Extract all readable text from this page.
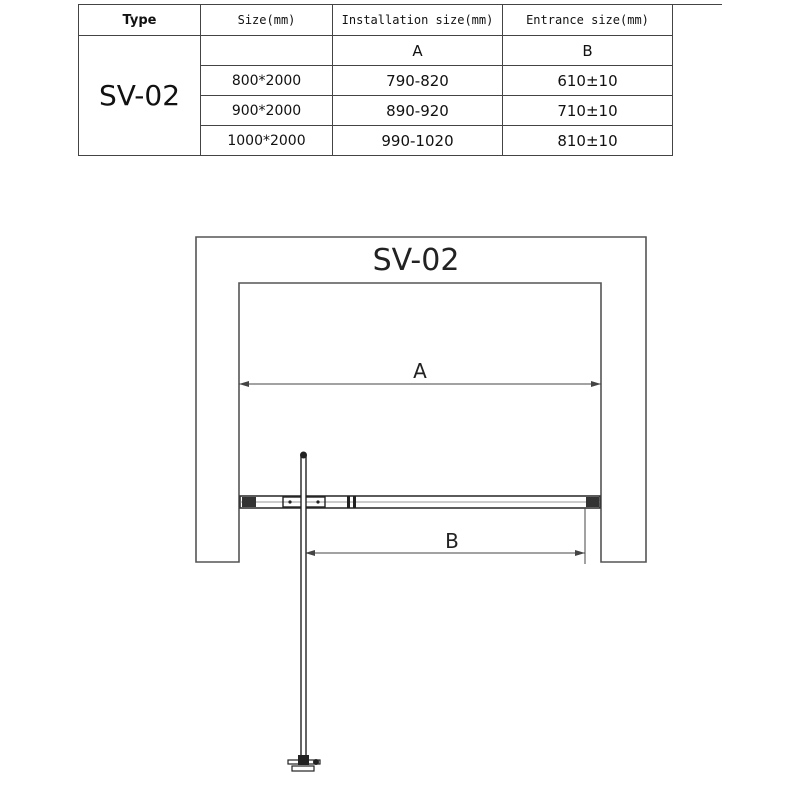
Type	Size(mm)	Installation size(mm)	Entrance size(mm)
SV-02		A	B
	800*2000	790-820	610±10
	900*2000	890-920	710±10
	1000*2000	990-1020	810±10
SV-02
A
B
